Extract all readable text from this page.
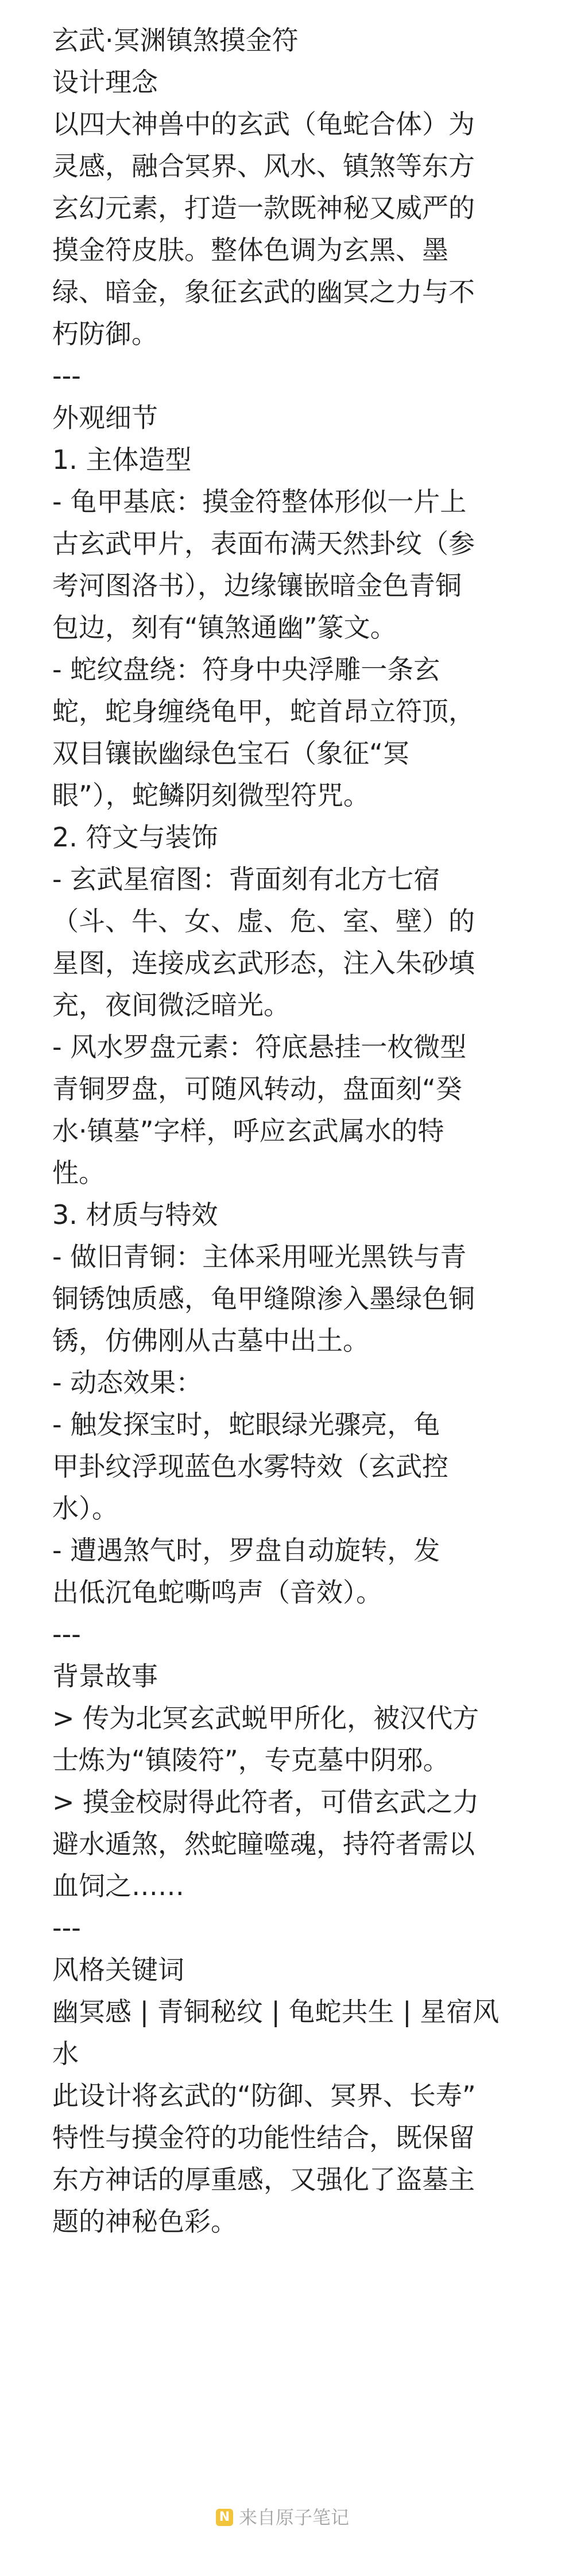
玄武·冥渊镇煞摸金符
设计理念
以四大神兽中的玄武（龟蛇合体）为
灵感，融合冥界、风水、镇煞等东方
玄幻元素，打造一款既神秘又威严的
摸金符皮肤。整体色调为玄黑、墨
绿、暗金，象征玄武的幽冥之力与不
朽防御。
---
外观细节
1. 主体造型
- 龟甲基底：摸金符整体形似一片上
古玄武甲片，表面布满天然卦纹（参
考河图洛书），边缘镶嵌暗金色青铜
包边，刻有“镇煞通幽”篆文。
- 蛇纹盘绕：符身中央浮雕一条玄
蛇，蛇身缠绕龟甲，蛇首昂立符顶，
双目镶嵌幽绿色宝石（象征“冥
眼”），蛇鳞阴刻微型符咒。
2. 符文与装饰
- 玄武星宿图：背面刻有北方七宿
（斗、牛、女、虚、危、室、壁）的
星图，连接成玄武形态，注入朱砂填
充，夜间微泛暗光。
- 风水罗盘元素：符底悬挂一枚微型
青铜罗盘，可随风转动，盘面刻“癸
水·镇墓”字样，呼应玄武属水的特
性。
3. 材质与特效
- 做旧青铜：主体采用哑光黑铁与青
铜锈蚀质感，龟甲缝隙渗入墨绿色铜
锈，仿佛刚从古墓中出土。
- 动态效果：
- 触发探宝时，蛇眼绿光骤亮，龟
甲卦纹浮现蓝色水雾特效（玄武控
水）。
- 遭遇煞气时，罗盘自动旋转，发
出低沉龟蛇嘶鸣声（音效）。
---
背景故事
> 传为北冥玄武蜕甲所化，被汉代方
士炼为“镇陵符”，专克墓中阴邪。
> 摸金校尉得此符者，可借玄武之力
避水遁煞，然蛇瞳噬魂，持符者需以
血饲之……
---
风格关键词
幽冥感 | 青铜秘纹 | 龟蛇共生 | 星宿风
水
此设计将玄武的“防御、冥界、长寿”
特性与摸金符的功能性结合，既保留
东方神话的厚重感，又强化了盗墓主
题的神秘色彩。
N 来自原子笔记
